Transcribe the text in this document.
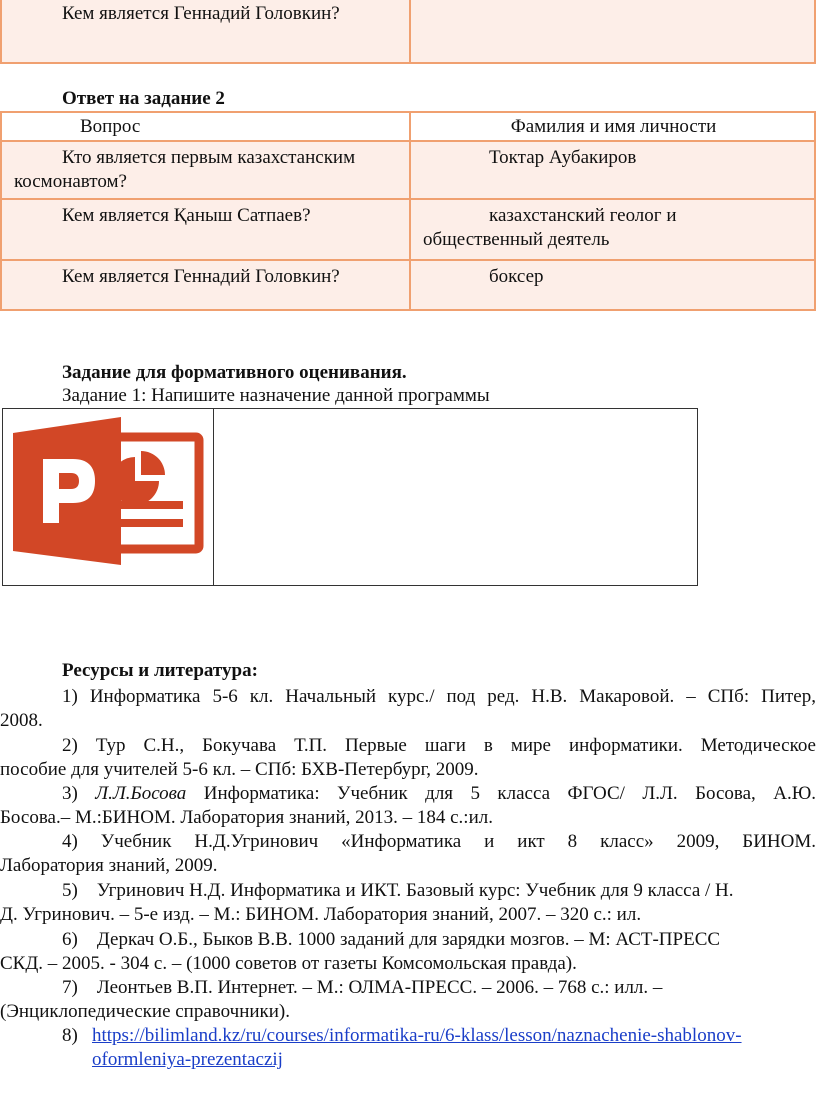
Кем является Геннадий Головкин?	
Ответ на задание 2
Вопрос	Фамилия и имя личности
Кто является первым казахстанским
космонавтом?	Токтар Аубакиров

Кем является Қаныш Сатпаев?	казахстанский геолог и
общественный деятель
Кем является Геннадий Головкин?	боксер

Задание для формативного оценивания.
Задание 1: Напишите назначение данной программы
Ресурсы и литература:
1) Информатика 5-6 кл. Начальный курс./ под ред. Н.В. Макаровой. – СПб: Питер,
2008.
2) Тур С.Н., Бокучава Т.П. Первые шаги в мире информатики. Методическое
пособие для учителей 5-6 кл. – СПб: БХВ-Петербург, 2009.
3) Л.Л.Босова Информатика: Учебник для 5 класса ФГОС/ Л.Л. Босова, А.Ю.
Босова.– М.:БИНОМ. Лаборатория знаний, 2013. – 184 с.:ил.
4) Учебник Н.Д.Угринович «Информатика и икт 8 класс» 2009, БИНОМ.
Лаборатория знаний, 2009.
5)    Угринович Н.Д. Информатика и ИКТ. Базовый курс: Учебник для 9 класса / Н.
Д. Угринович. – 5-е изд. – М.: БИНОМ. Лаборатория знаний, 2007. – 320 с.: ил.
6)    Деркач О.Б., Быков В.В. 1000 заданий для зарядки мозгов. – М: АСТ-ПРЕСС
СКД. – 2005. - 304 с. – (1000 советов от газеты Комсомольская правда).
7)    Леонтьев В.П. Интернет. – М.: ОЛМА-ПРЕСС. – 2006. – 768 с.: илл. –
(Энциклопедические справочники).
8) https://bilimland.kz/ru/courses/informatika-ru/6-klass/lesson/naznachenie-shablonov-
oformleniya-prezentaczij
